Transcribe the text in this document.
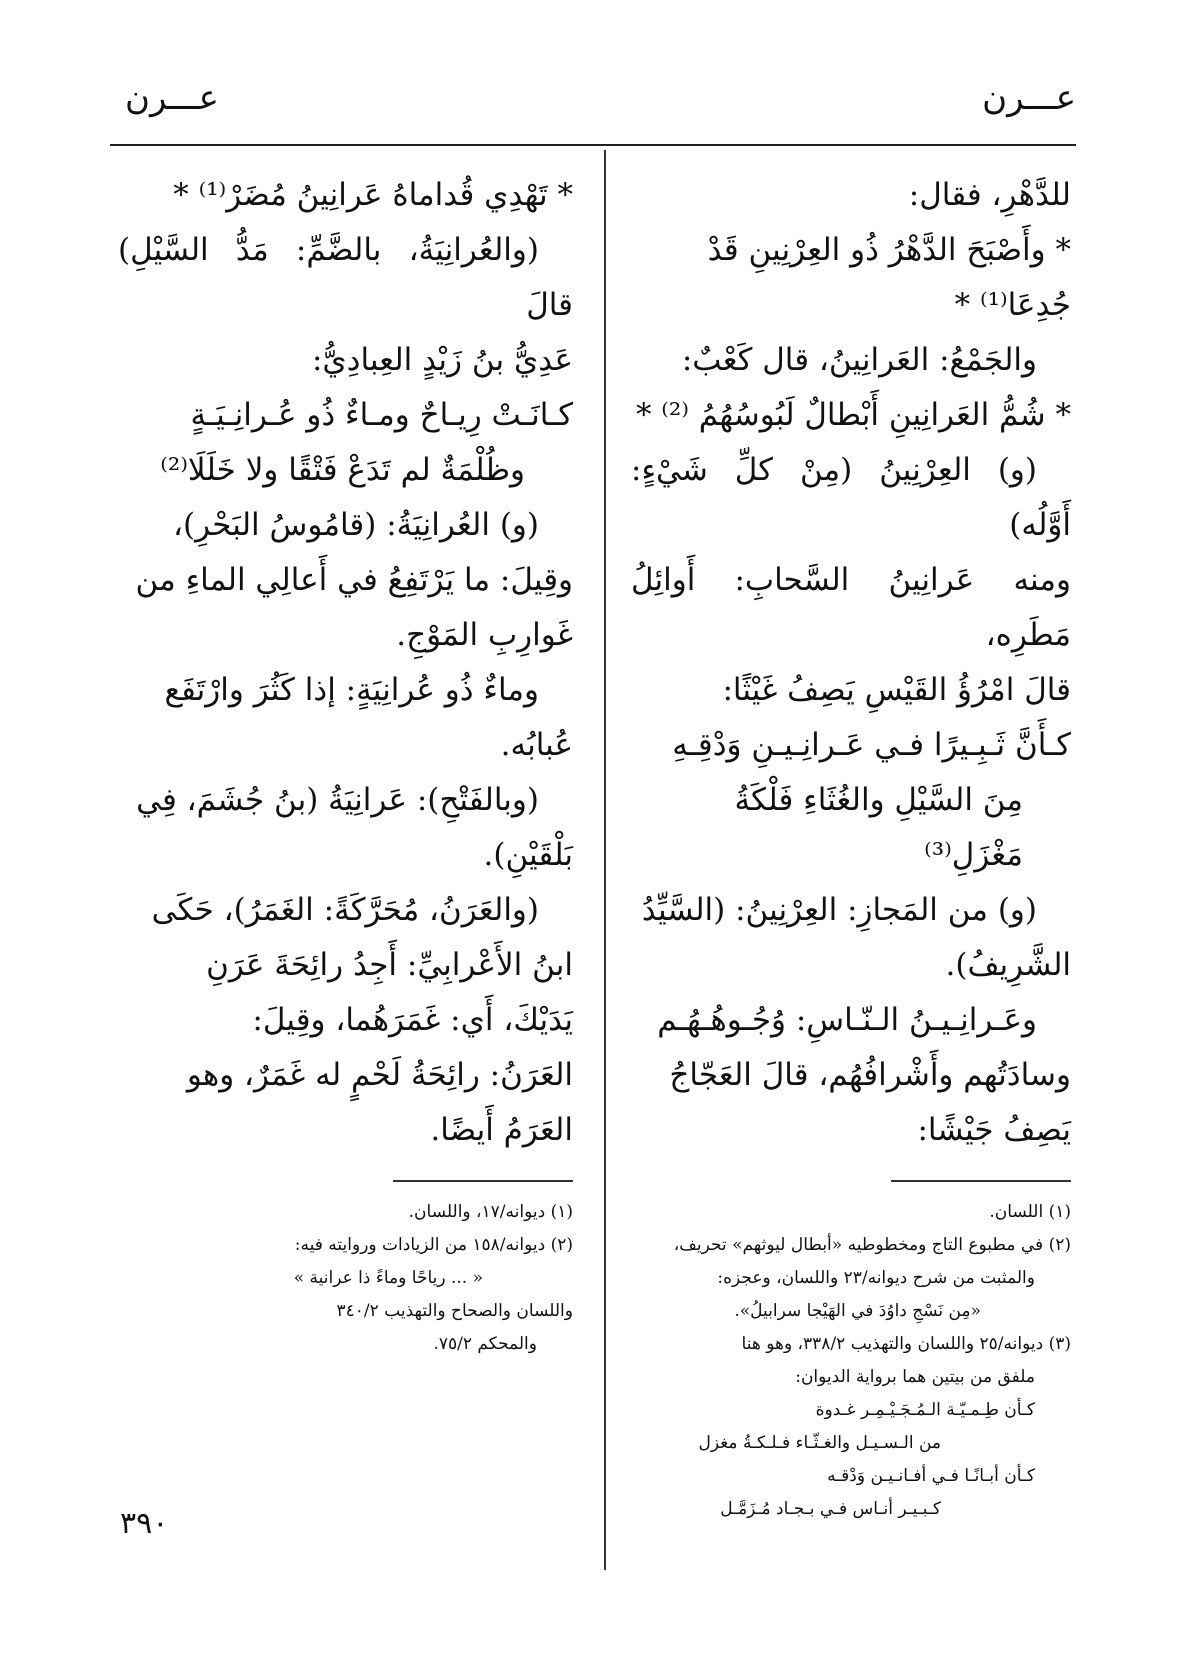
عـــرن
عـــرن

للدَّهْرِ، فقال:

* وأَصْبَحَ الدَّهْرُ ذُو العِرْنِينِ قَدْ جُدِعَا⁽¹⁾ *

والجَمْعُ: العَرانِينُ، قال كَعْبٌ:

* شُمُّ العَرانِينِ أَبْطالٌ لَبُوسُهُمُ ⁽²⁾ *

(و) العِرْنِينُ (مِنْ كلِّ شَيْءٍ: أَوَّلُه)

ومنه عَرانِينُ السَّحابِ: أَوائِلُ مَطَرِه،

قالَ امْرُؤُ القَيْسِ يَصِفُ غَيْثًا:

كـأَنَّ ثَـبِـيرًا فـي عَـرانِـيـنِ وَدْقِـهِ

مِنَ السَّيْلِ والغُثَاءِ فَلْكَةُ مَغْزَلِ⁽³⁾

(و) من المَجازِ: العِرْنِينُ: (السَّيِّدُ

الشَّرِيفُ).

وعَـرانِـيـنُ الـنّـاسِ: وُجُـوهُـهُـم

وسادَتُهم وأَشْرافُهُم، قالَ العَجّاجُ

يَصِفُ جَيْشًا:

(١) اللسان.

(٢) في مطبوع التاج ومخطوطيه «أبطال ليوثهم» تحريف،

والمثبت من شرح ديوانه/٢٣ واللسان، وعجزه:

«مِن نَسْجِ داوُدَ في الهَيْجا سرابيلُ».

(٣) ديوانه/٢٥ واللسان والتهذيب ٣٣٨/٢، وهو هنا

ملفق من بيتين هما برواية الديوان:

كـأن طِـمـيّـة الـمُـجَـيْـمِـر غـدوة

من الـسـيـل والغـثّـاء فـلـكـةُ مغزل

كـأن أبـانًـا فـي أفـانـيـن وَدْقـه

كـبـيـر أنـاس فـي بـجـاد مُـزَمَّـل

* تَهْدِي قُداماهُ عَرانِينُ مُضَرْ⁽¹⁾ *

(والعُرانِيَةُ، بالضَّمِّ: مَدُّ السَّيْلِ) قالَ

عَدِيُّ بنُ زَيْدٍ العِبادِيُّ:

كـانَـتْ رِيـاحٌ ومـاءٌ ذُو عُـرانِـيَـةٍ

وظُلْمَةٌ لم تَدَعْ فَتْقًا ولا خَلَلَا⁽²⁾

(و) العُرانِيَةُ: (قامُوسُ البَحْرِ)،

وقِيلَ: ما يَرْتَفِعُ في أَعالِي الماءِ من

غَوارِبِ المَوْجِ.

وماءٌ ذُو عُرانِيَةٍ: إذا كَثُرَ وارْتَفَع

عُبابُه.

(وبالفَتْحِ): عَرانِيَةُ (بنُ جُشَمَ، فِي

بَلْقَيْنِ).

(والعَرَنُ، مُحَرَّكَةً: الغَمَرُ)، حَكَى

ابنُ الأَعْرابِيِّ: أَجِدُ رائِحَةَ عَرَنِ

يَدَيْكَ، أَي: غَمَرَهُما، وقِيلَ:

العَرَنُ: رائِحَةُ لَحْمٍ له غَمَرٌ، وهو

العَرَمُ أَيضًا.

(١) ديوانه/١٧، واللسان.

(٢) ديوانه/١٥٨ من الزيادات وروايته فيه:

« ... رياحًا وماءً ذا عرانية »

واللسان والصحاح والتهذيب ٣٤٠/٢

والمحكم ٧٥/٢.

٣٩٠
